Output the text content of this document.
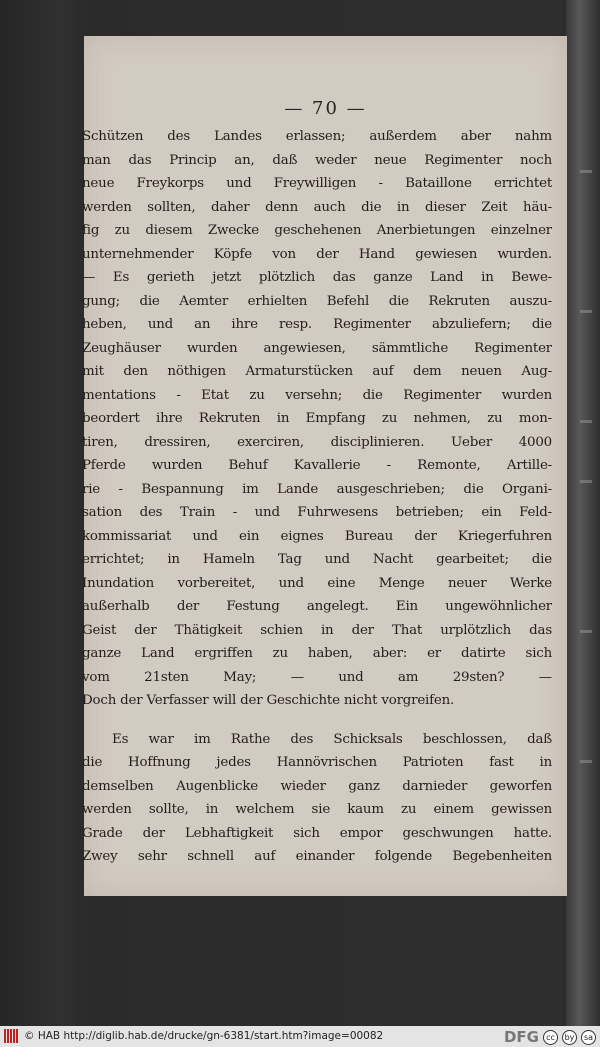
— 70 —
Schützen des Landes erlassen; außerdem aber nahm
man das Princip an, daß weder neue Regimenter noch
neue Freykorps und Freywilligen - Bataillone errichtet
werden sollten, daher denn auch die in dieser Zeit häu-
fig zu diesem Zwecke geschehenen Anerbietungen einzelner
unternehmender Köpfe von der Hand gewiesen wurden.
— Es gerieth jetzt plötzlich das ganze Land in Bewe-
gung; die Aemter erhielten Befehl die Rekruten auszu-
heben, und an ihre resp. Regimenter abzuliefern; die
Zeughäuser wurden angewiesen, sämmtliche Regimenter
mit den nöthigen Armaturstücken auf dem neuen Aug-
mentations - Etat zu versehn; die Regimenter wurden
beordert ihre Rekruten in Empfang zu nehmen, zu mon-
tiren, dressiren, exerciren, disciplinieren. Ueber 4000
Pferde wurden Behuf Kavallerie - Remonte, Artille-
rie - Bespannung im Lande ausgeschrieben; die Organi-
sation des Train - und Fuhrwesens betrieben; ein Feld-
kommissariat und ein eignes Bureau der Kriegerfuhren
errichtet; in Hameln Tag und Nacht gearbeitet; die
Inundation vorbereitet, und eine Menge neuer Werke
außerhalb der Festung angelegt. Ein ungewöhnlicher
Geist der Thätigkeit schien in der That urplötzlich das
ganze Land ergriffen zu haben, aber: er datirte sich
vom 21sten May; — und am 29sten? —
Doch der Verfasser will der Geschichte nicht vorgreifen.
Es war im Rathe des Schicksals beschlossen, daß
die Hoffnung jedes Hannövrischen Patrioten fast in
demselben Augenblicke wieder ganz darnieder geworfen
werden sollte, in welchem sie kaum zu einem gewissen
Grade der Lebhaftigkeit sich empor geschwungen hatte.
Zwey sehr schnell auf einander folgende Begebenheiten
© HAB http://diglib.hab.de/drucke/gn-6381/start.htm?image=00082	DFG cc	by	sa
